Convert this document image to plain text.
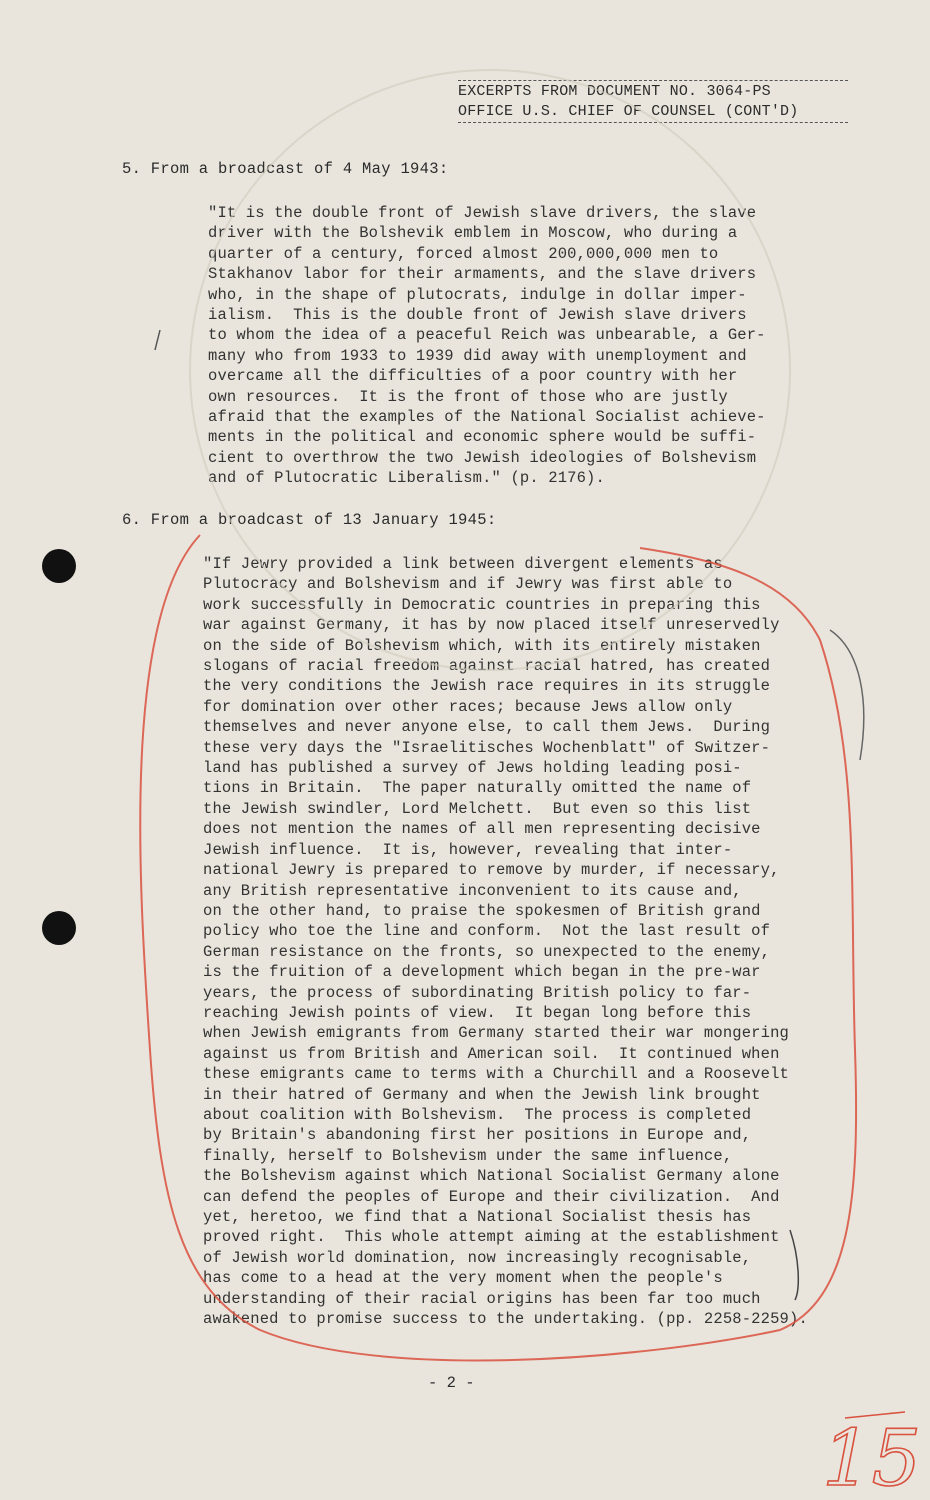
EXCERPTS FROM DOCUMENT NO. 3064-PS
OFFICE U.S. CHIEF OF COUNSEL (CONT'D)
5. From a broadcast of 4 May 1943:
"It is the double front of Jewish slave drivers, the slave
driver with the Bolshevik emblem in Moscow, who during a
quarter of a century, forced almost 200,000,000 men to
Stakhanov labor for their armaments, and the slave drivers
who, in the shape of plutocrats, indulge in dollar imper-
ialism.  This is the double front of Jewish slave drivers
to whom the idea of a peaceful Reich was unbearable, a Ger-
many who from 1933 to 1939 did away with unemployment and
overcame all the difficulties of a poor country with her
own resources.  It is the front of those who are justly
afraid that the examples of the National Socialist achieve-
ments in the political and economic sphere would be suffi-
cient to overthrow the two Jewish ideologies of Bolshevism
and of Plutocratic Liberalism." (p. 2176).
6. From a broadcast of 13 January 1945:
"If Jewry provided a link between divergent elements as
Plutocracy and Bolshevism and if Jewry was first able to
work successfully in Democratic countries in preparing this
war against Germany, it has by now placed itself unreservedly
on the side of Bolshevism which, with its entirely mistaken
slogans of racial freedom against racial hatred, has created
the very conditions the Jewish race requires in its struggle
for domination over other races; because Jews allow only
themselves and never anyone else, to call them Jews.  During
these very days the "Israelitisches Wochenblatt" of Switzer-
land has published a survey of Jews holding leading posi-
tions in Britain.  The paper naturally omitted the name of
the Jewish swindler, Lord Melchett.  But even so this list
does not mention the names of all men representing decisive
Jewish influence.  It is, however, revealing that inter-
national Jewry is prepared to remove by murder, if necessary,
any British representative inconvenient to its cause and,
on the other hand, to praise the spokesmen of British grand
policy who toe the line and conform.  Not the last result of
German resistance on the fronts, so unexpected to the enemy,
is the fruition of a development which began in the pre-war
years, the process of subordinating British policy to far-
reaching Jewish points of view.  It began long before this
when Jewish emigrants from Germany started their war mongering
against us from British and American soil.  It continued when
these emigrants came to terms with a Churchill and a Roosevelt
in their hatred of Germany and when the Jewish link brought
about coalition with Bolshevism.  The process is completed
by Britain's abandoning first her positions in Europe and,
finally, herself to Bolshevism under the same influence,
the Bolshevism against which National Socialist Germany alone
can defend the peoples of Europe and their civilization.  And
yet, heretoo, we find that a National Socialist thesis has
proved right.  This whole attempt aiming at the establishment
of Jewish world domination, now increasingly recognisable,
has come to a head at the very moment when the people's
understanding of their racial origins has been far too much
awakened to promise success to the undertaking. (pp. 2258-2259).
- 2 -
15
